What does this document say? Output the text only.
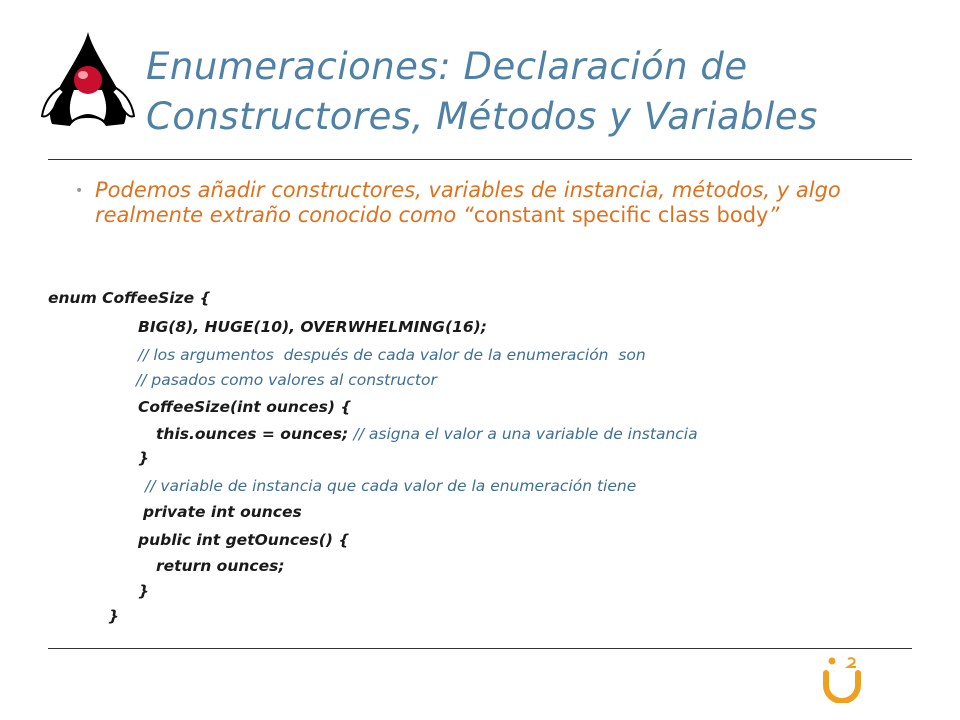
Enumeraciones: Declaración de
Constructores, Métodos y Variables
• Podemos añadir constructores, variables de instancia, métodos, y algo realmente extraño conocido como “constant specific class body”
enum CoffeeSize {
BIG(8), HUGE(10), OVERWHELMING(16);
// los argumentos  después de cada valor de la enumeración  son
// pasados como valores al constructor
CoffeeSize(int ounces) {
this.ounces = ounces; // asigna el valor a una variable de instancia
}
// variable de instancia que cada valor de la enumeración tiene
private int ounces
public int getOunces() {
return ounces;
}
}
